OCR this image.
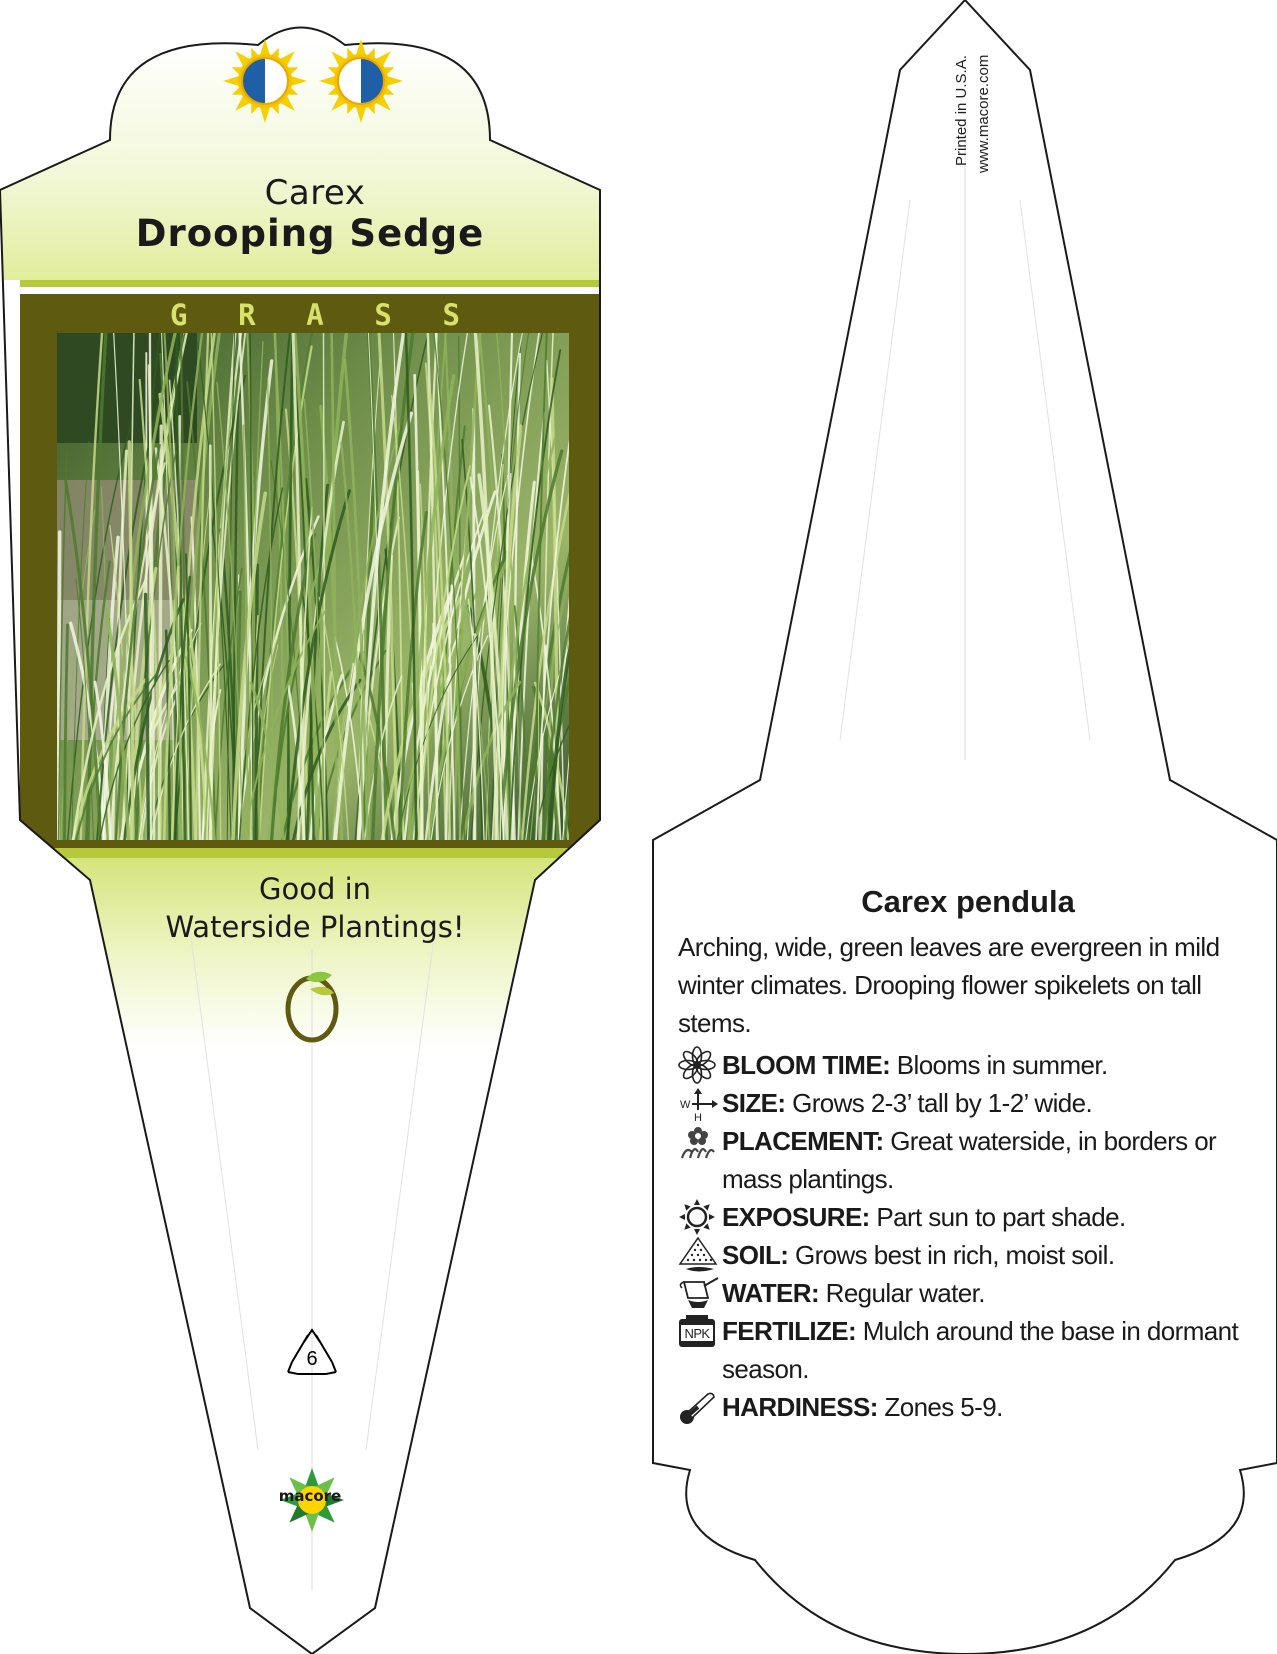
Carex
Drooping Sedge
G R A S S
Good in
Waterside Plantings!
6
macore
Printed in U.S.A. www.macore.com
Carex pendula
Arching, wide, green leaves are evergreen in mild winter climates. Drooping flower spikelets on tall stems.
BLOOM TIME: Blooms in summer.
W
H SIZE: Grows 2-3’ tall by 1-2’ wide.
PLACEMENT: Great waterside, in borders or mass plantings.
EXPOSURE: Part sun to part shade.
SOIL: Grows best in rich, moist soil.
WATER: Regular water.
NPK FERTILIZE: Mulch around the base in dormant season.
HARDINESS: Zones 5-9.
